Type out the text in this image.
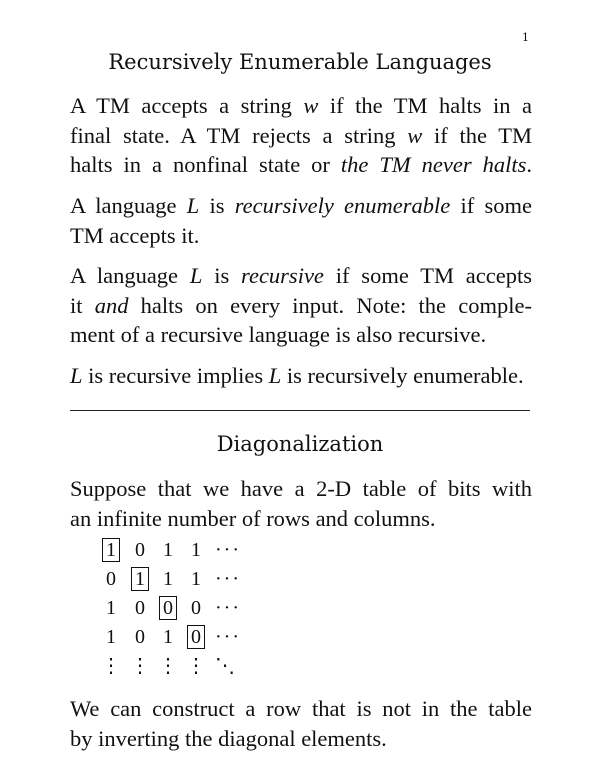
1
Recursively Enumerable Languages
A TM accepts a string w if the TM halts in a
final state. A TM rejects a string w if the TM
halts in a nonfinal state or the TM never halts.
A language L is recursively enumerable if some
TM accepts it.
A language L is recursive if some TM accepts
it and halts on every input. Note: the comple-
ment of a recursive language is also recursive.
L is recursive implies L is recursively enumerable.
Diagonalization
Suppose that we have a 2-D table of bits with
an infinite number of rows and columns.
1 0 1 1 ···
0 1 1 1 ···
1 0 0 0 ···
1 0 1 0 ···
⋮ ⋮ ⋮ ⋮ ⋱
We can construct a row that is not in the table
by inverting the diagonal elements.
